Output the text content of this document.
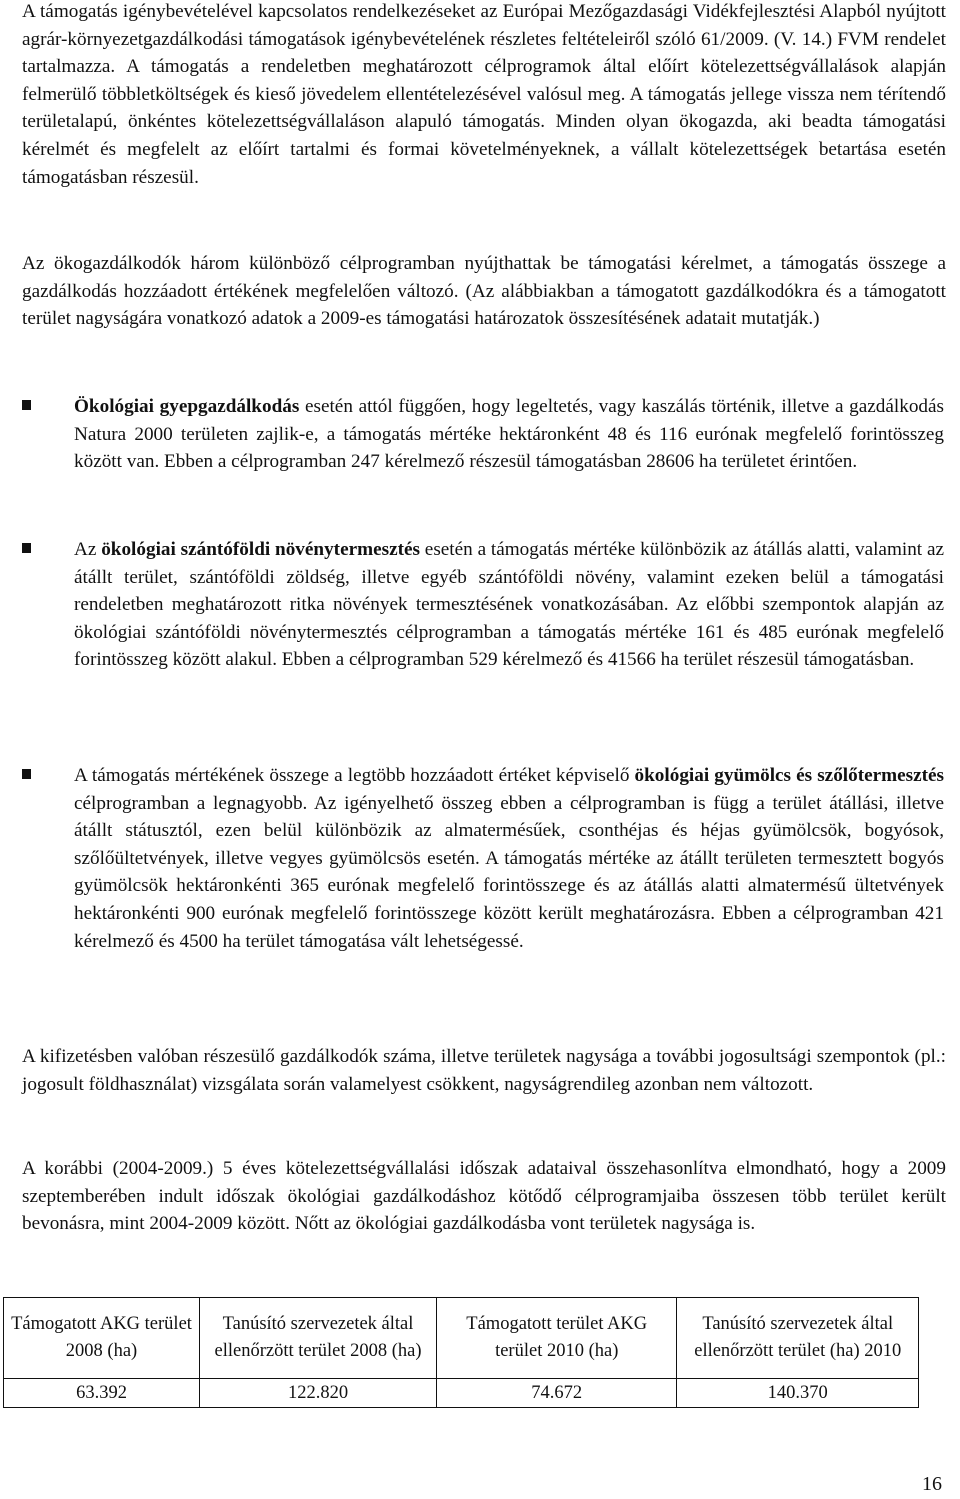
A támogatás igénybevételével kapcsolatos rendelkezéseket az Európai Mezőgazdasági Vidékfejlesztési Alapból nyújtott agrár-környezetgazdálkodási támogatások igénybevételének részletes feltételeiről szóló 61/2009. (V. 14.) FVM rendelet tartalmazza. A támogatás a rendeletben meghatározott célprogramok által előírt kötelezettségvállalások alapján felmerülő többletköltségek és kieső jövedelem ellentételezésével valósul meg. A támogatás jellege vissza nem térítendő területalapú, önkéntes kötelezettségvállaláson alapuló támogatás. Minden olyan ökogazda, aki beadta támogatási kérelmét és megfelelt az előírt tartalmi és formai követelményeknek, a vállalt kötelezettségek betartása esetén támogatásban részesül.

Az ökogazdálkodók három különböző célprogramban nyújthattak be támogatási kérelmet, a támogatás összege a gazdálkodás hozzáadott értékének megfelelően változó. (Az alábbiakban a támogatott gazdálkodókra és a támogatott terület nagyságára vonatkozó adatok a 2009-es támogatási határozatok összesítésének adatait mutatják.)

Ökológiai gyepgazdálkodás esetén attól függően, hogy legeltetés, vagy kaszálás történik, illetve a gazdálkodás Natura 2000 területen zajlik-e, a támogatás mértéke hektáronként 48 és 116 eurónak megfelelő forintösszeg között van. Ebben a célprogramban 247 kérelmező részesül támogatásban 28606 ha területet érintően.

Az ökológiai szántóföldi növénytermesztés esetén a támogatás mértéke különbözik az átállás alatti, valamint az átállt terület, szántóföldi zöldség, illetve egyéb szántóföldi növény, valamint ezeken belül a támogatási rendeletben meghatározott ritka növények termesztésének vonatkozásában. Az előbbi szempontok alapján az ökológiai szántóföldi növénytermesztés célprogramban a támogatás mértéke 161 és 485 eurónak megfelelő forintösszeg között alakul. Ebben a célprogramban 529 kérelmező és 41566 ha terület részesül támogatásban.

A támogatás mértékének összege a legtöbb hozzáadott értéket képviselő ökológiai gyümölcs és szőlőtermesztés célprogramban a legnagyobb. Az igényelhető összeg ebben a célprogramban is függ a terület átállási, illetve átállt státusztól, ezen belül különbözik az almatermésűek, csonthéjas és héjas gyümölcsök, bogyósok, szőlőültetvények, illetve vegyes gyümölcsös esetén. A támogatás mértéke az átállt területen termesztett bogyós gyümölcsök hektáronkénti 365 eurónak megfelelő forintösszege és az átállás alatti almatermésű ültetvények hektáronkénti 900 eurónak megfelelő forintösszege között került meghatározásra. Ebben a célprogramban 421 kérelmező és 4500 ha terület támogatása vált lehetségessé.

A kifizetésben valóban részesülő gazdálkodók száma, illetve területek nagysága a további jogosultsági szempontok (pl.: jogosult földhasználat) vizsgálata során valamelyest csökkent, nagyságrendileg azonban nem változott.

A korábbi (2004-2009.) 5 éves kötelezettségvállalási időszak adataival összehasonlítva elmondható, hogy a 2009 szeptemberében indult időszak ökológiai gazdálkodáshoz kötődő célprogramjaiba összesen több terület került bevonásra, mint 2004-2009 között. Nőtt az ökológiai gazdálkodásba vont területek nagysága is.

Támogatott AKG terület 2008 (ha)	Tanúsító szervezetek által ellenőrzött terület 2008 (ha)	Támogatott terület AKG terület 2010 (ha)	Tanúsító szervezetek által ellenőrzött terület (ha) 2010
63.392	122.820	74.672	140.370
16
